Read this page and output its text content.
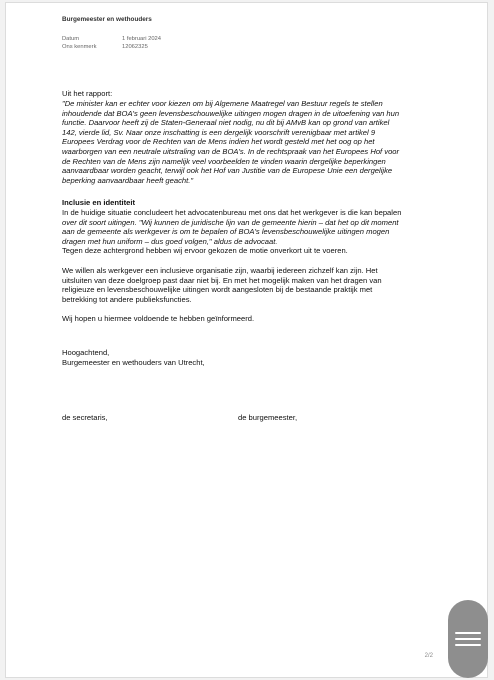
Burgemeester en wethouders
Datum	1 februari 2024
Ons kenmerk	12062325

Uit het rapport:

"De minister kan er echter voor kiezen om bij Algemene Maatregel van Bestuur regels te stellen

inhoudende dat BOA's geen levensbeschouwelijke uitingen mogen dragen in de uitoefening van hun

functie. Daarvoor heeft zij de Staten-Generaal niet nodig, nu dit bij AMvB kan op grond van artikel

142, vierde lid, Sv. Naar onze inschatting is een dergelijk voorschrift verenigbaar met artikel 9

Europees Verdrag voor de Rechten van de Mens indien het wordt gesteld met het oog op het

waarborgen van een neutrale uitstraling van de BOA's. In de rechtspraak van het Europees Hof voor

de Rechten van de Mens zijn namelijk veel voorbeelden te vinden waarin dergelijke beperkingen

aanvaardbaar worden geacht, terwijl ook het Hof van Justitie van de Europese Unie een dergelijke

beperking aanvaardbaar heeft geacht."

Inclusie en identiteit

In de huidige situatie concludeert het advocatenbureau met ons dat het werkgever is die kan bepalen

over dit soort uitingen. "Wij kunnen de juridische lijn van de gemeente hierin – dat het op dit moment

aan de gemeente als werkgever is om te bepalen of BOA's levensbeschouwelijke uitingen mogen

dragen met hun uniform – dus goed volgen," aldus de advocaat.

Tegen deze achtergrond hebben wij ervoor gekozen de motie onverkort uit te voeren.

We willen als werkgever een inclusieve organisatie zijn, waarbij iedereen zichzelf kan zijn. Het

uitsluiten van deze doelgroep past daar niet bij. En met het mogelijk maken van het dragen van

religieuze en levensbeschouwelijke uitingen wordt aangesloten bij de bestaande praktijk met

betrekking tot andere publieksfuncties.

Wij hopen u hiermee voldoende te hebben geïnformeerd.
Hoogachtend,
Burgemeester en wethouders van Utrecht,
de secretaris,	de burgemeester,
2/2
